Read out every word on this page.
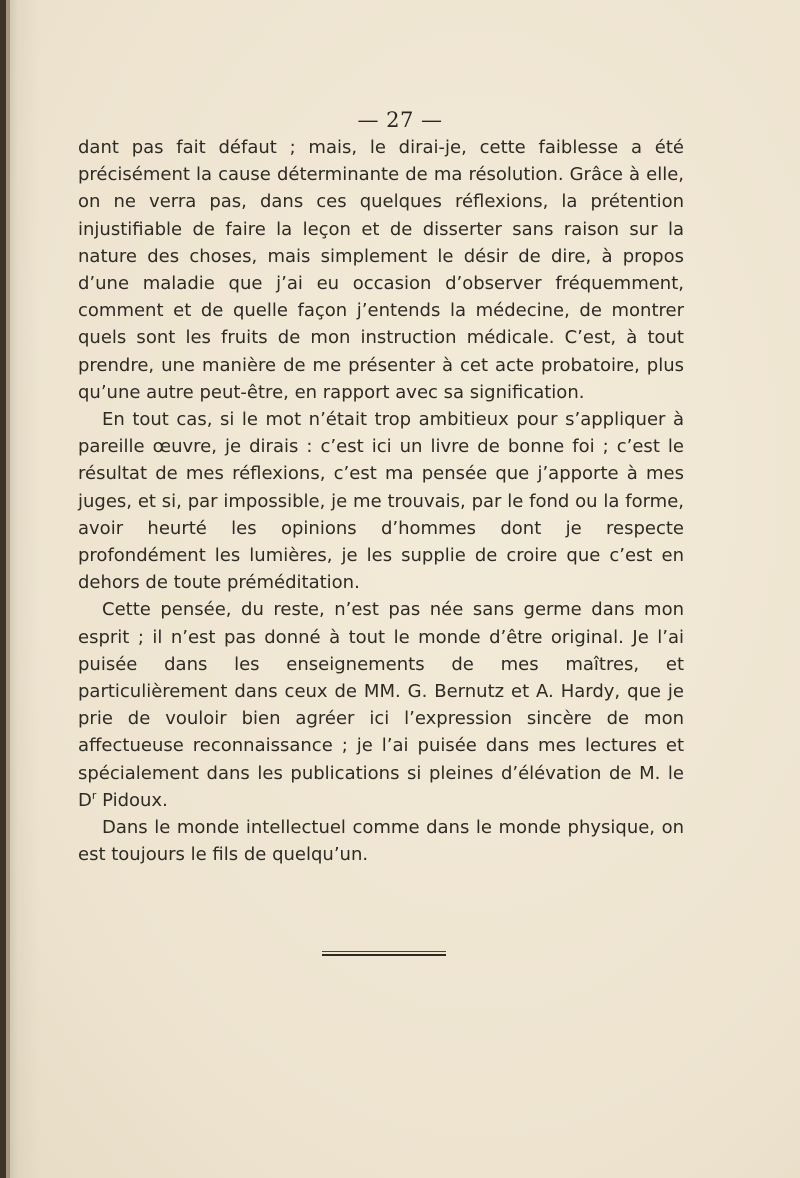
— 27 —

dant pas fait défaut ; mais, le dirai-je, cette faiblesse a été précisément la cause déterminante de ma résolution. Grâce à elle, on ne verra pas, dans ces quelques réflexions, la prétention injustifiable de faire la leçon et de disserter sans raison sur la nature des choses, mais simplement le désir de dire, à propos d’une maladie que j’ai eu occasion d’observer fréquemment, comment et de quelle façon j’entends la médecine, de montrer quels sont les fruits de mon instruction médicale. C’est, à tout prendre, une manière de me présenter à cet acte probatoire, plus qu’une autre peut-être, en rapport avec sa signification.

En tout cas, si le mot n’était trop ambitieux pour s’appliquer à pareille œuvre, je dirais : c’est ici un livre de bonne foi ; c’est le résultat de mes réflexions, c’est ma pensée que j’apporte à mes juges, et si, par impossible, je me trouvais, par le fond ou la forme, avoir heurté les opinions d’hommes dont je respecte profondément les lumières, je les supplie de croire que c’est en dehors de toute préméditation.

Cette pensée, du reste, n’est pas née sans germe dans mon esprit ; il n’est pas donné à tout le monde d’être original. Je l’ai puisée dans les enseignements de mes maîtres, et particulièrement dans ceux de MM. G. Bernutz et A. Hardy, que je prie de vouloir bien agréer ici l’expression sincère de mon affectueuse reconnaissance ; je l’ai puisée dans mes lectures et spécialement dans les publications si pleines d’élévation de M. le $D^r$ Pidoux.

Dans le monde intellectuel comme dans le monde physique, on est toujours le fils de quelqu’un.
